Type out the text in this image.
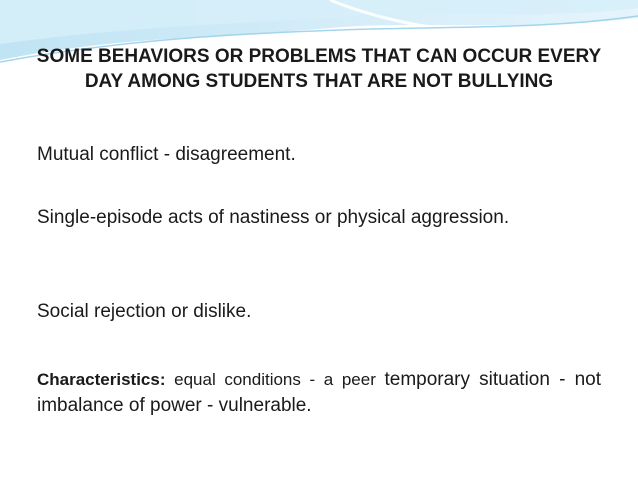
SOME BEHAVIORS OR PROBLEMS THAT CAN OCCUR EVERY DAY AMONG STUDENTS THAT ARE NOT BULLYING
Mutual conflict - disagreement.
Single-episode acts of nastiness or physical aggression.
Social rejection or dislike.
Characteristics: equal conditions - a peer temporary situation - not imbalance of power - vulnerable.
